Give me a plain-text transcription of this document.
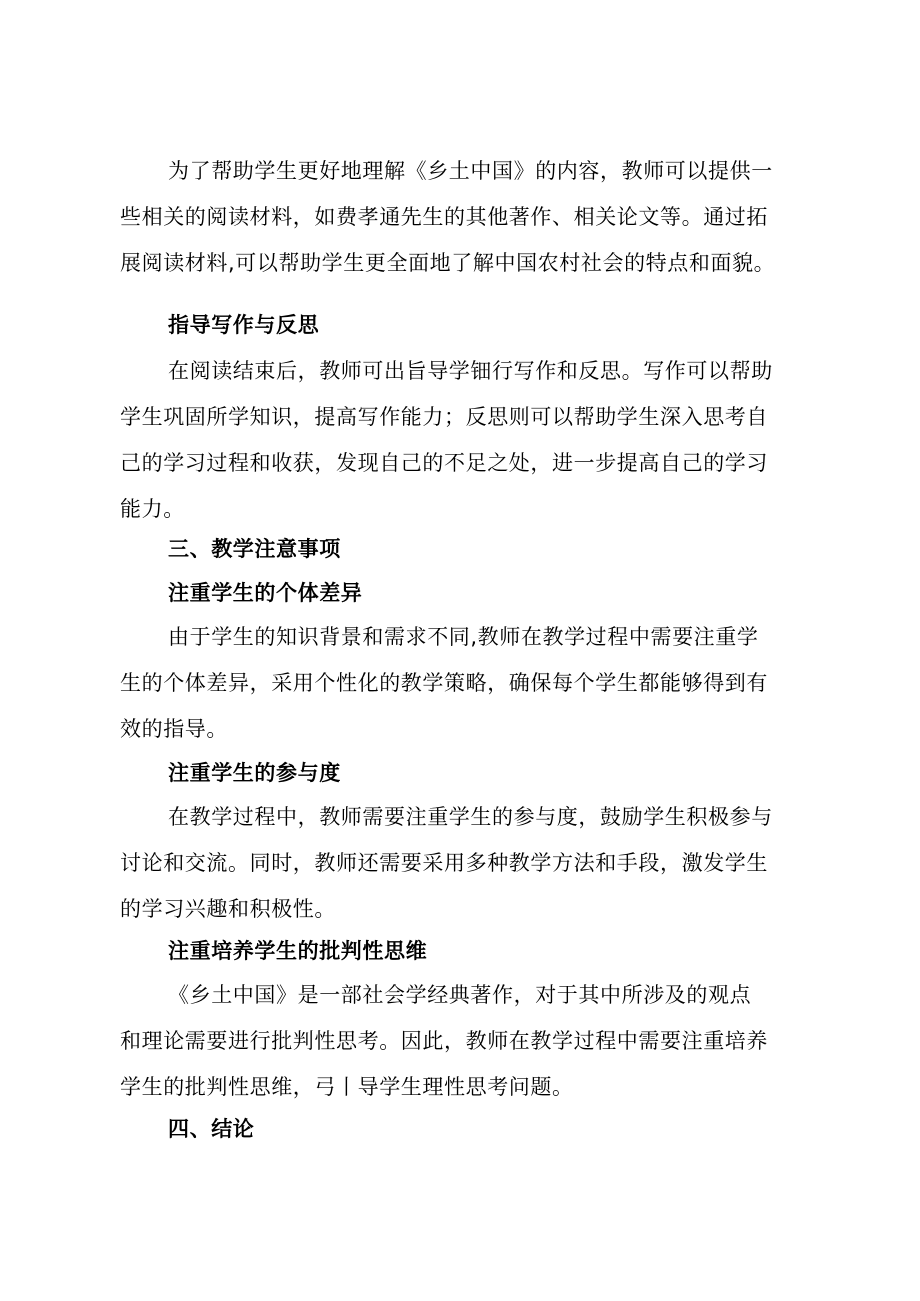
为了帮助学生更好地理解《乡土中国》的内容，教师可以提供一
些相关的阅读材料，如费孝通先生的其他著作、相关论文等。通过拓
展阅读材料,可以帮助学生更全面地了解中国农村社会的特点和面貌。
指导写作与反思
在阅读结束后，教师可出旨导学钿行写作和反思。写作可以帮助
学生巩固所学知识，提高写作能力；反思则可以帮助学生深入思考自
己的学习过程和收获，发现自己的不足之处，进一步提高自己的学习
能力。
三、教学注意事项
注重学生的个体差异
由于学生的知识背景和需求不同,教师在教学过程中需要注重学
生的个体差异，采用个性化的教学策略，确保每个学生都能够得到有
效的指导。
注重学生的参与度
在教学过程中，教师需要注重学生的参与度，鼓励学生积极参与
讨论和交流。同时，教师还需要采用多种教学方法和手段，激发学生
的学习兴趣和积极性。
注重培养学生的批判性思维
《乡土中国》是一部社会学经典著作，对于其中所涉及的观点
和理论需要进行批判性思考。因此，教师在教学过程中需要注重培养
学生的批判性思维，弓丨导学生理性思考问题。
四、结论
